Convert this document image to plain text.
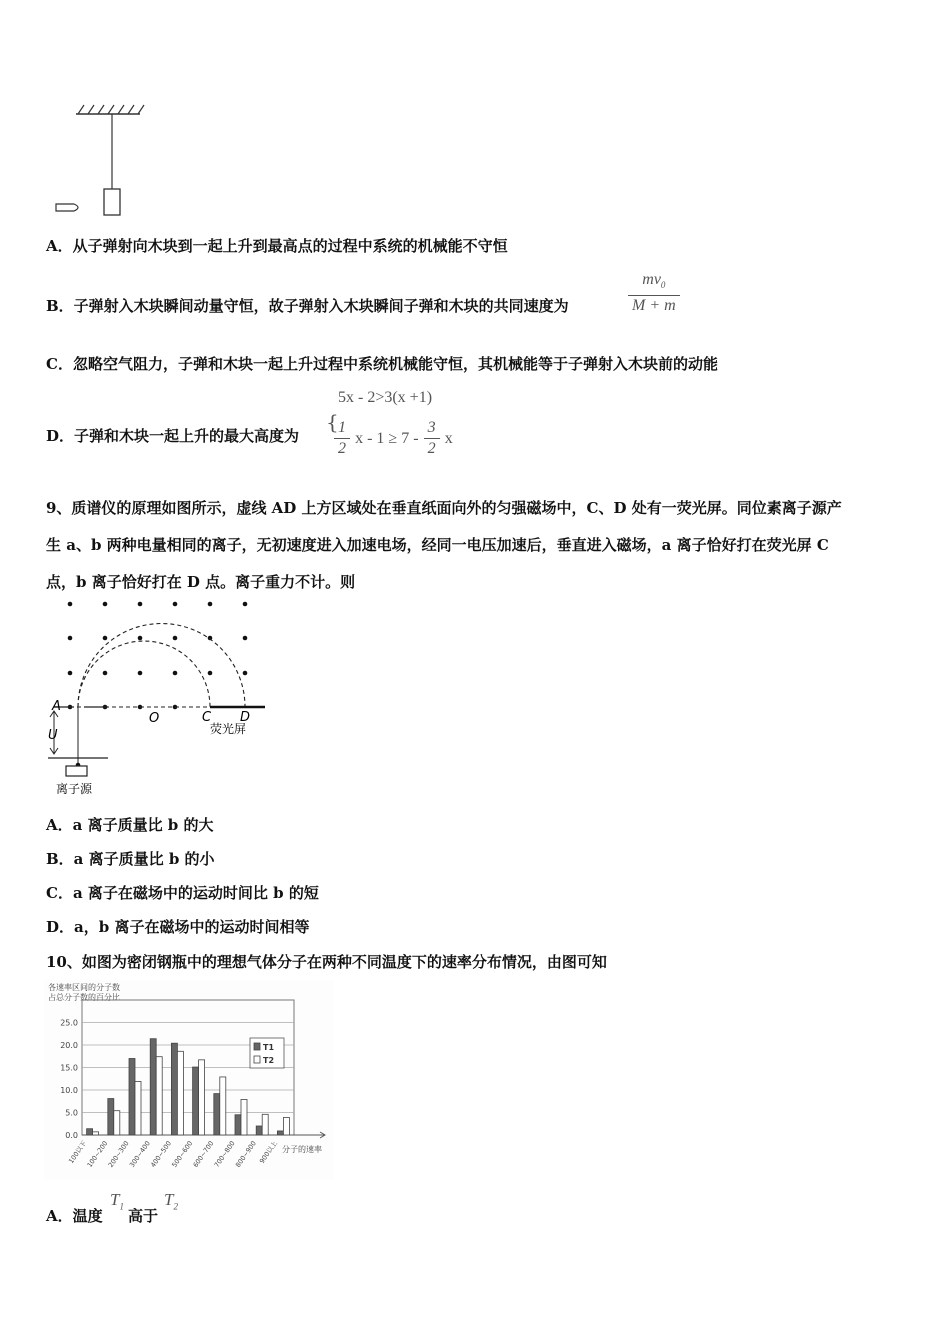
A．从子弹射向木块到一起上升到最高点的过程中系统的机械能不守恒
B．子弹射入木块瞬间动量守恒，故子弹射入木块瞬间子弹和木块的共同速度为	$\frac{mv_0}{M + m}$
C．忽略空气阻力，子弹和木块一起上升过程中系统机械能守恒，其机械能等于子弹射入木块前的动能
D．子弹和木块一起上升的最大高度为
{
5x - 2>3(x +1)
$\frac{1}{2}$ $x - 1 \ge 7 - \frac{3}{2}$ x
9、质谱仪的原理如图所示，虚线 AD 上方区域处在垂直纸面向外的匀强磁场中，C、D 处有一荧光屏。同位素离子源产
生 a、b 两种电量相同的离子，无初速度进入加速电场，经同一电压加速后，垂直进入磁场，a 离子恰好打在荧光屏 C
点，b 离子恰好打在 D 点。离子重力不计。则
A
O	C D
U	荧光屏
离子源
A．a 离子质量比 b 的大
B．a 离子质量比 b 的小
C．a 离子在磁场中的运动时间比 b 的短
D．a，b 离子在磁场中的运动时间相等
10、如图为密闭钢瓶中的理想气体分子在两种不同温度下的速率分布情况，由图可知
各速率区间的分子数
占总分子数的百分比
分子的速率
0.0
5.0
10.0
15.0
20.0
25.0
100以下
100~200
200~300
300~400
400~500
500~600
600~700
700~800
800~900 900以上
T1
T2
A．温度
$T_1$
高于
$T_2$
